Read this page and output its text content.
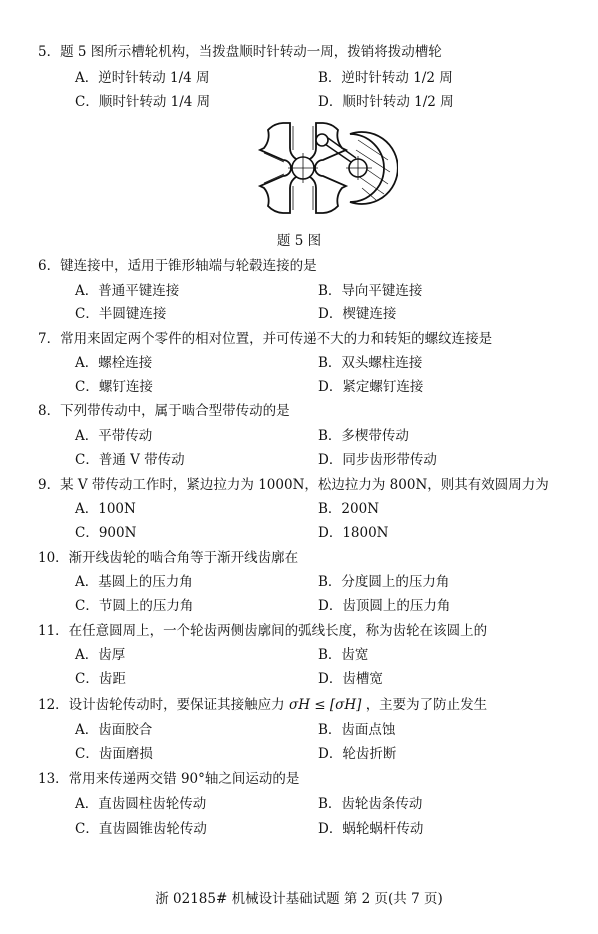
5．题 5 图所示槽轮机构，当拨盘顺时针转动一周，拨销将拨动槽轮
A．逆时针转动 1/4 周	B．逆时针转动 1/2 周
C．顺时针转动 1/4 周	D．顺时针转动 1/2 周
题 5 图
6．键连接中，适用于锥形轴端与轮毂连接的是
A．普通平键连接	B．导向平键连接
C．半圆键连接	D．楔键连接
7．常用来固定两个零件的相对位置，并可传递不大的力和转矩的螺纹连接是
A．螺栓连接	B．双头螺柱连接
C．螺钉连接	D．紧定螺钉连接
8．下列带传动中，属于啮合型带传动的是
A．平带传动	B．多楔带传动
C．普通 V 带传动	D．同步齿形带传动
9．某 V 带传动工作时，紧边拉力为 1000N，松边拉力为 800N，则其有效圆周力为
A．100N	B．200N
C．900N	D．1800N
10．渐开线齿轮的啮合角等于渐开线齿廓在
A．基圆上的压力角	B．分度圆上的压力角
C．节圆上的压力角	D．齿顶圆上的压力角
11．在任意圆周上，一个轮齿两侧齿廓间的弧线长度，称为齿轮在该圆上的
A．齿厚	B．齿宽
C．齿距	D．齿槽宽
12．设计齿轮传动时，要保证其接触应力 σH ≤ [σH] ，主要为了防止发生
A．齿面胶合	B．齿面点蚀
C．齿面磨损	D．轮齿折断
13．常用来传递两交错 90°轴之间运动的是
A．直齿圆柱齿轮传动	B．齿轮齿条传动
C．直齿圆锥齿轮传动	D．蜗轮蜗杆传动
浙 02185# 机械设计基础试题 第 2 页(共 7 页)
